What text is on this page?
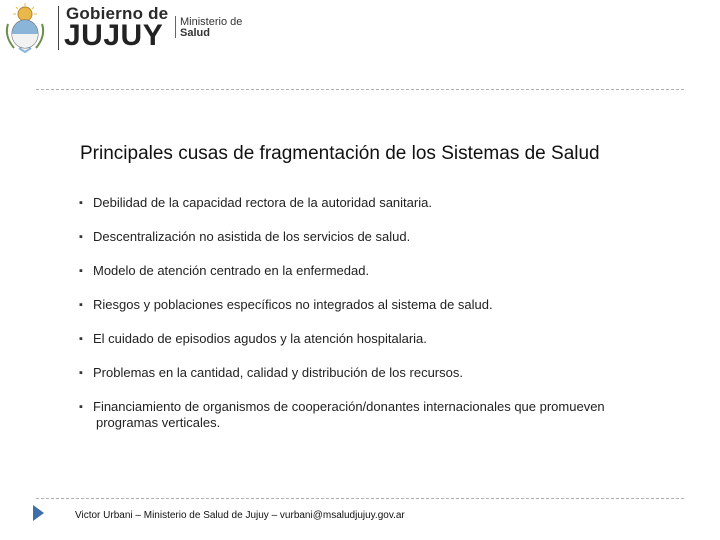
Gobierno de
JUJUY Ministerio de
Salud
Principales cusas de fragmentación de los Sistemas de Salud
▪ Debilidad de la capacidad rectora de la autoridad sanitaria.
▪ Descentralización no asistida de los servicios de salud.
▪ Modelo de atención centrado en la enfermedad.
▪ Riesgos y poblaciones específicos no integrados al sistema de salud.
▪ El cuidado de episodios agudos y la atención hospitalaria.
▪ Problemas en la cantidad, calidad y distribución de los recursos.
▪ Financiamiento de organismos de cooperación/donantes internacionales que promueven
programas verticales.
Victor Urbani – Ministerio de Salud de Jujuy – vurbani@msaludjujuy.gov.ar
